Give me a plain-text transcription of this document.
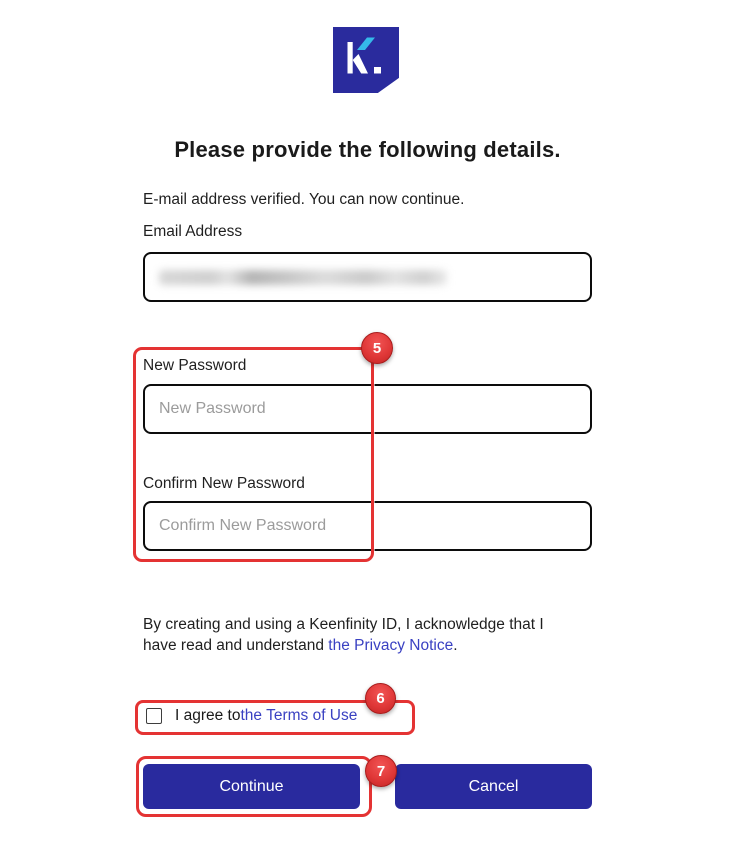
Please provide the following details.
E-mail address verified. You can now continue.
Email Address
New Password
New Password
Confirm New Password
Confirm New Password
By creating and using a Keenfinity ID, I acknowledge that I
have read and understand the Privacy Notice.
I agree to the Terms of Use
Continue	Cancel
5
6
7
